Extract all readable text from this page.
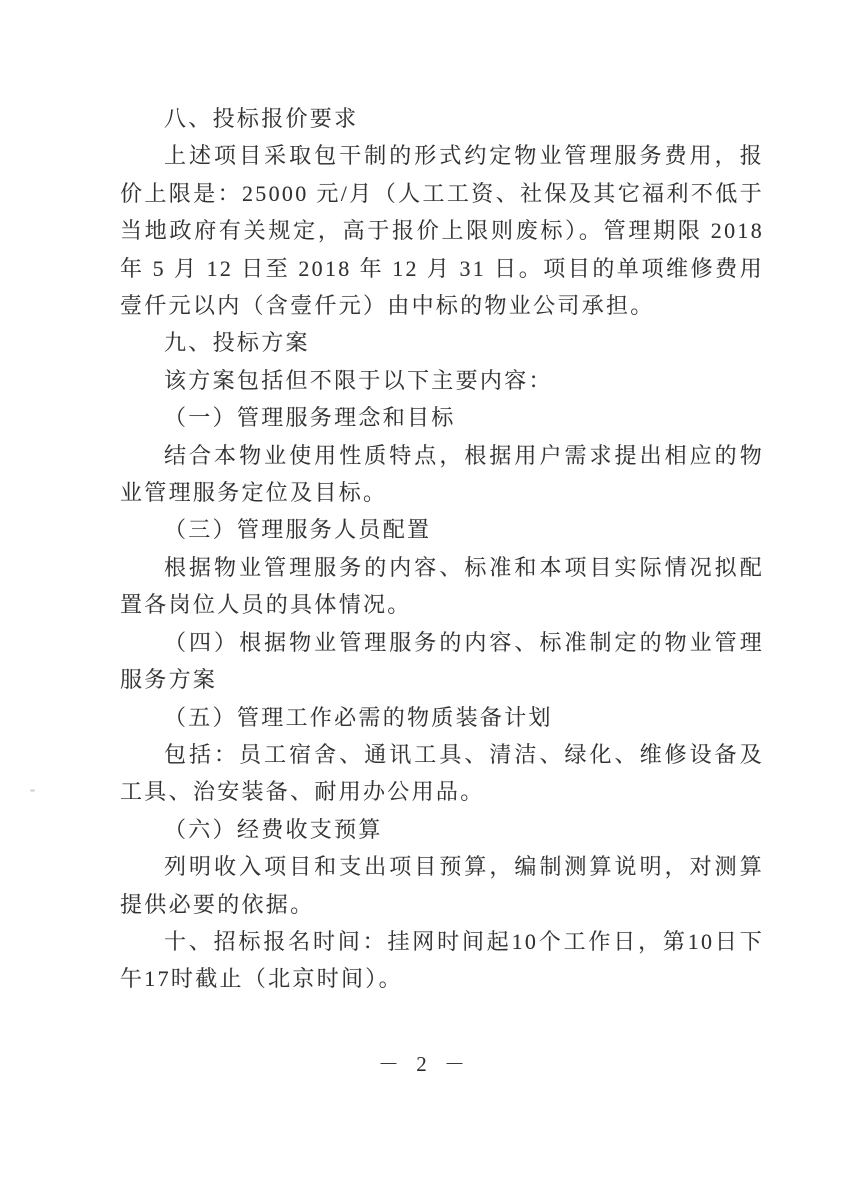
八、投标报价要求

上述项目采取包干制的形式约定物业管理服务费用，报价上限是：25000 元/月（人工工资、社保及其它福利不低于当地政府有关规定，高于报价上限则废标）。管理期限 2018 年 5 月 12 日至 2018 年 12 月 31 日。项目的单项维修费用壹仟元以内（含壹仟元）由中标的物业公司承担。

九、投标方案

该方案包括但不限于以下主要内容：

（一）管理服务理念和目标

结合本物业使用性质特点，根据用户需求提出相应的物业管理服务定位及目标。

（三）管理服务人员配置

根据物业管理服务的内容、标准和本项目实际情况拟配置各岗位人员的具体情况。

（四）根据物业管理服务的内容、标准制定的物业管理服务方案

（五）管理工作必需的物质装备计划

包括：员工宿舍、通讯工具、清洁、绿化、维修设备及工具、治安装备、耐用办公用品。

（六）经费收支预算

列明收入项目和支出项目预算，编制测算说明，对测算提供必要的依据。

十、招标报名时间：挂网时间起10个工作日，第10日下午17时截止（北京时间）。

－ 2 －
